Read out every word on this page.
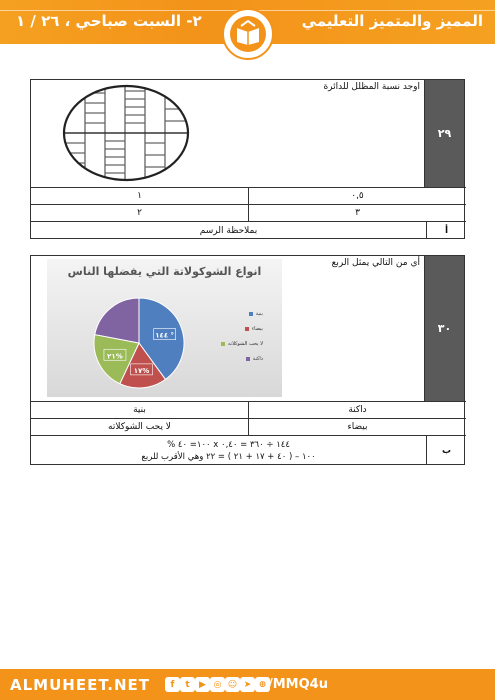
المميز والمتميز التعليمي
٢- السبت صباحي ، ٢٦ / ١
٢٩
اوجد نسبة المظلل للدائرة
١	٠,٥
٢	٣
بملاحظة الرسم	أ
٣٠
أي من التالي يمثل الربع
انواع الشوكولاتة التي يفضلها الناس
١٤٤ °
١٧%
٢١%
بنية
بيضاء
لا يحب الشوكلاته
داكنة
بنية	داكنة
لا يحب الشوكلاته	بيضاء
١٤٤ ÷ ٣٦٠ = ٠,٤٠ x ١٠٠= ٤٠ %
١٠٠ – ( ٤٠ + ١٧ + ٢١ ) = ٢٢ وهي الأقرب للربع
ب
ALMUHEET.NET	f	t	▶ ◎ ☺ ➤ ⊕ /MMQ4u
